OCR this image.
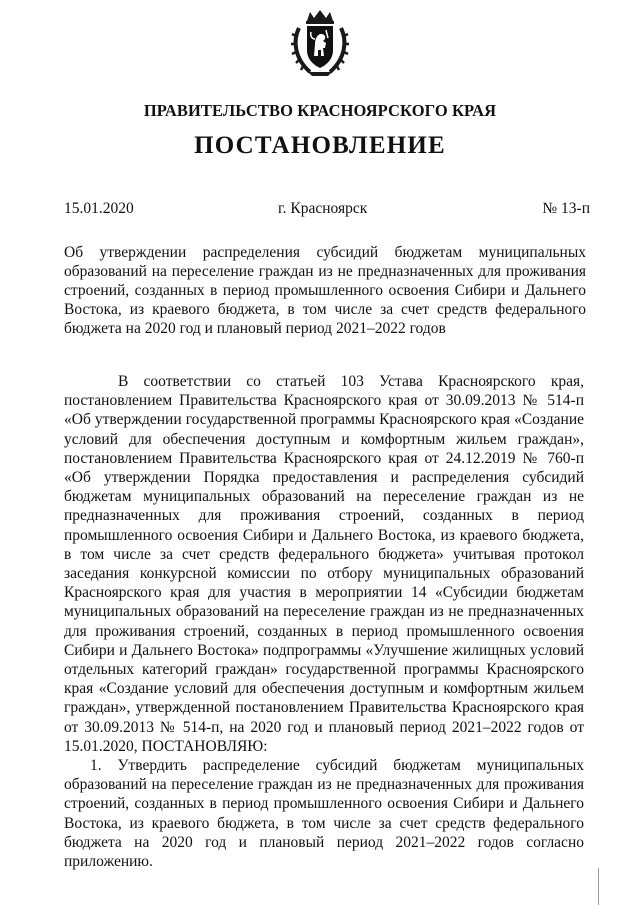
ПРАВИТЕЛЬСТВО КРАСНОЯРСКОГО КРАЯ
ПОСТАНОВЛЕНИЕ
15.01.2020	г. Красноярск	№ 13-п
Об утверждении распределения субсидий бюджетам муниципальных образований на переселение граждан из не предназначенных для проживания строений, созданных в период промышленного освоения Сибири и Дальнего Востока, из краевого бюджета, в том числе за счет средств федерального бюджета на 2020 год и плановый период 2021–2022 годов

В соответствии со статьей 103 Устава Красноярского края, постановлением Правительства Красноярского края от 30.09.2013 № 514-п «Об утверждении государственной программы Красноярского края «Создание условий для обеспечения доступным и комфортным жильем граждан», постановлением Правительства Красноярского края от 24.12.2019 № 760-п «Об утверждении Порядка предоставления и распределения субсидий бюджетам муниципальных образований на переселение граждан из не предназначенных для проживания строений, созданных в период промышленного освоения Сибири и Дальнего Востока, из краевого бюджета, в том числе за счет средств федерального бюджета» учитывая протокол заседания конкурсной комиссии по отбору муниципальных образований Красноярского края для участия в мероприятии 14 «Субсидии бюджетам муниципальных образований на переселение граждан из не предназначенных для проживания строений, созданных в период промышленного освоения Сибири и Дальнего Востока» подпрограммы «Улучшение жилищных условий отдельных категорий граждан» государственной программы Красноярского края «Создание условий для обеспечения доступным и комфортным жильем граждан», утвержденной постановлением Правительства Красноярского края от 30.09.2013 № 514-п, на 2020 год и плановый период 2021–2022 годов от 15.01.2020, ПОСТАНОВЛЯЮ:

1. Утвердить распределение субсидий бюджетам муниципальных образований на переселение граждан из не предназначенных для проживания строений, созданных в период промышленного освоения Сибири и Дальнего Востока, из краевого бюджета, в том числе за счет средств федерального бюджета на 2020 год и плановый период 2021–2022 годов согласно приложению.
